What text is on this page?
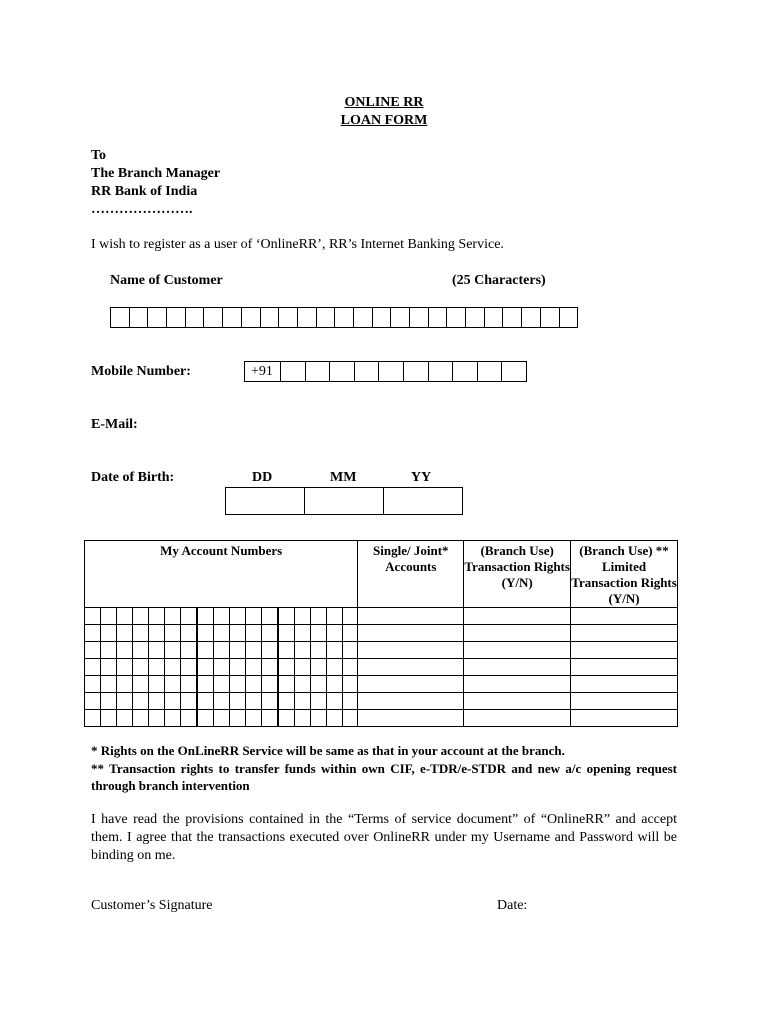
ONLINE RR
LOAN FORM
To
The Branch Manager
RR Bank of India
………………….
I wish to register as a user of ‘OnlineRR’, RR’s Internet Banking Service.
Name of Customer	(25 Characters)
Mobile Number:	+91
E-Mail:
Date of Birth:	DD	MM	YY

My Account Numbers	Single/ Joint* Accounts	(Branch Use) Transaction Rights (Y/N)	(Branch Use) ** Limited Transaction Rights (Y/N)

* Rights on the OnLineRR Service will be same as that in your account at the branch.
** Transaction rights to transfer funds within own CIF, e-TDR/e-STDR and new a/c opening request through branch intervention
I have read the provisions contained in the “Terms of service document” of “OnlineRR” and accept them. I agree that the transactions executed over OnlineRR under my Username and Password will be binding on me.
Customer’s Signature	Date:
